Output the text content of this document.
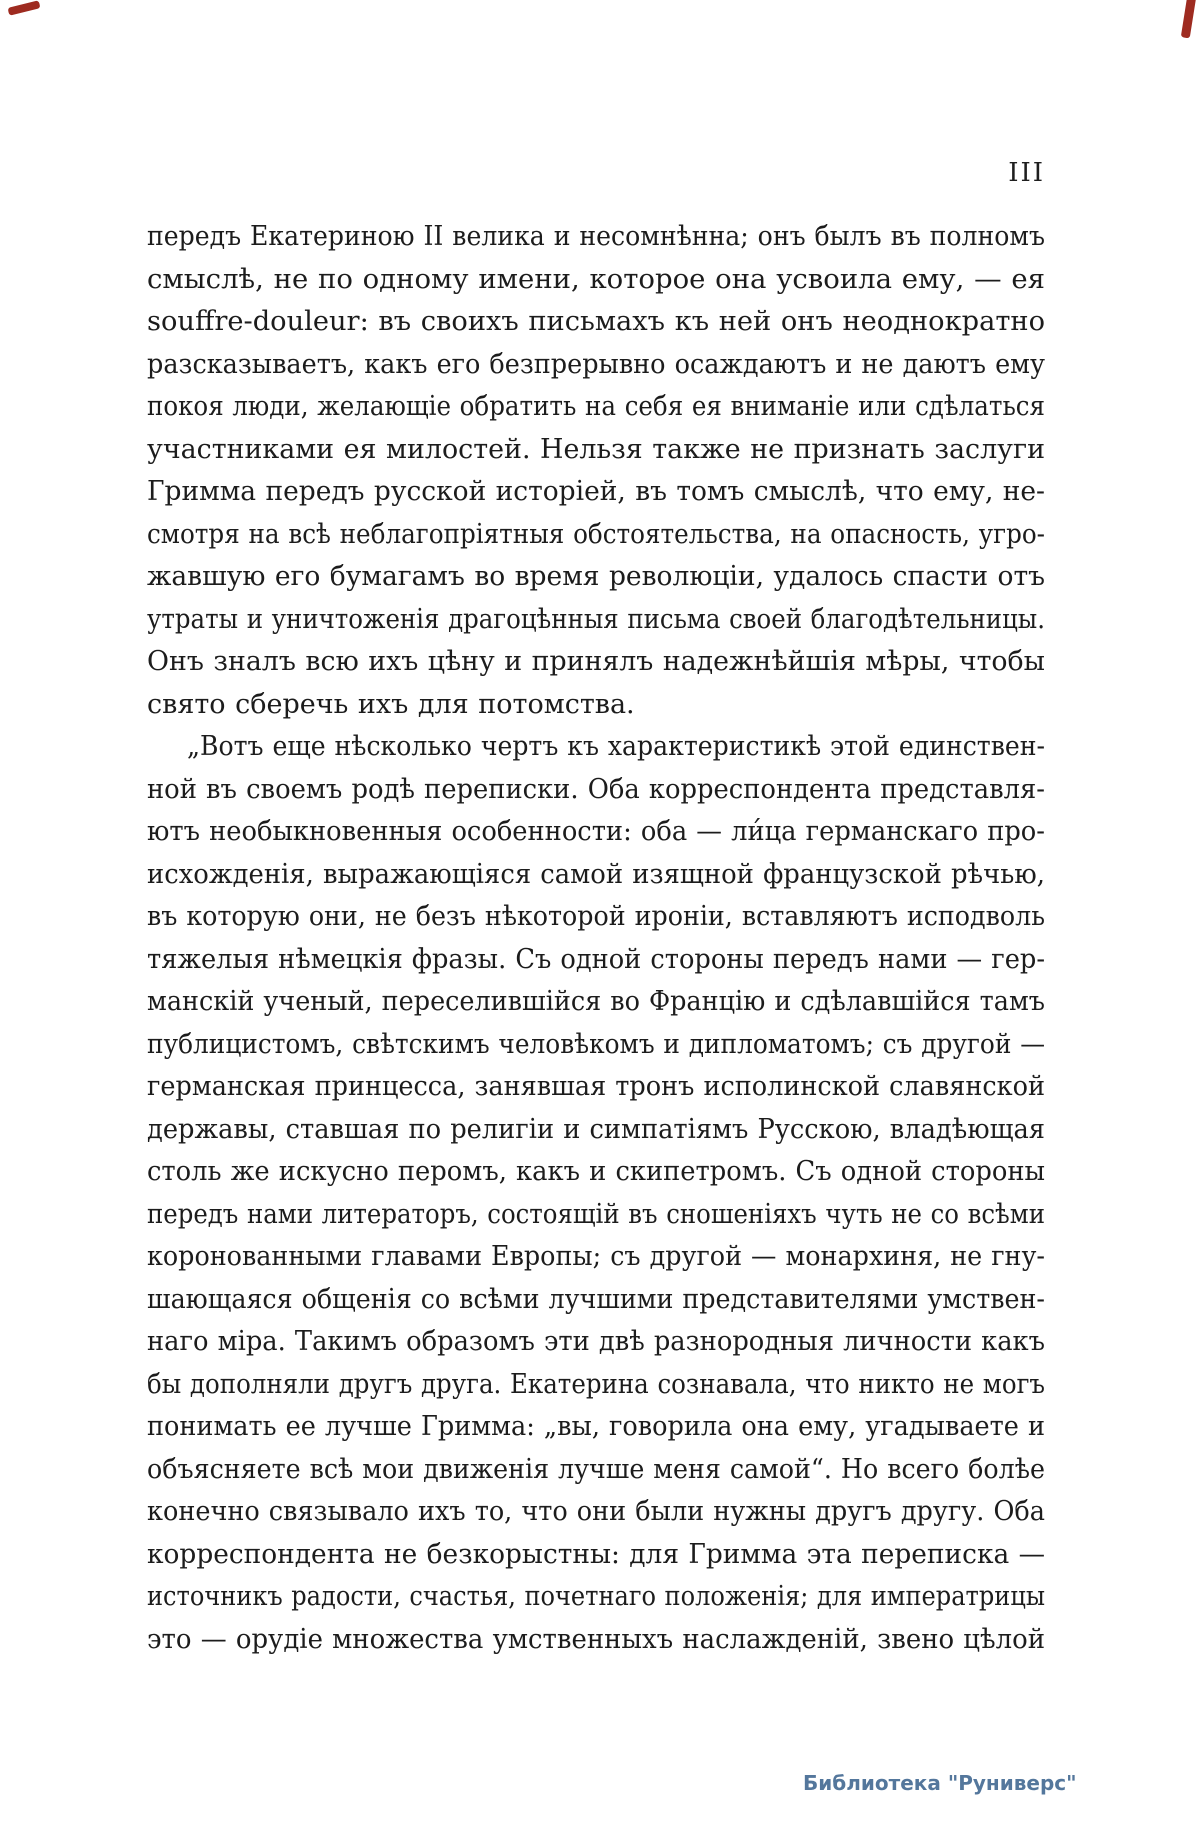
III
передъ Екатериною II велика и несомнѣнна; онъ былъ въ полномъ
смыслѣ, не по одному имени, которое она усвоила ему, — ея
souffre-douleur: въ своихъ письмахъ къ ней онъ неоднократно
разсказываетъ, какъ его безпрерывно осаждаютъ и не даютъ ему
покоя люди, желающіе обратить на себя ея вниманіе или сдѣлаться
участниками ея милостей. Нельзя также не признать заслуги
Гримма передъ русской исторіей, въ томъ смыслѣ, что ему, не-
смотря на всѣ неблагопріятныя обстоятельства, на опасность, угро-
жавшую его бумагамъ во время революціи, удалось спасти отъ
утраты и уничтоженія драгоцѣнныя письма своей благодѣтельницы.
Онъ зналъ всю ихъ цѣну и принялъ надежнѣйшія мѣры, чтобы
свято сберечь ихъ для потомства.
„Вотъ еще нѣсколько чертъ къ характеристикѣ этой единствен-
ной въ своемъ родѣ переписки. Оба корреспондента представля-
ютъ необыкновенныя особенности: оба — ли́ца германскаго про-
исхожденія, выражающіяся самой изящной французской рѣчью,
въ которую они, не безъ нѣкоторой ироніи, вставляютъ исподволь
тяжелыя нѣмецкія фразы. Съ одной стороны передъ нами — гер-
манскій ученый, переселившійся во Францію и сдѣлавшійся тамъ
публицистомъ, свѣтскимъ человѣкомъ и дипломатомъ; съ другой —
германская принцесса, занявшая тронъ исполинской славянской
державы, ставшая по религіи и симпатіямъ Русскою, владѣющая
столь же искусно перомъ, какъ и скипетромъ. Съ одной стороны
передъ нами литераторъ, состоящій въ сношеніяхъ чуть не со всѣми
коронованными главами Европы; съ другой — монархиня, не гну-
шающаяся общенія со всѣми лучшими представителями умствен-
наго міра. Такимъ образомъ эти двѣ разнородныя личности какъ
бы дополняли другъ друга. Екатерина сознавала, что никто не могъ
понимать ее лучше Гримма: „вы, говорила она ему, угадываете и
объясняете всѣ мои движенія лучше меня самой“. Но всего болѣе
конечно связывало ихъ то, что они были нужны другъ другу. Оба
корреспондента не безкорыстны: для Гримма эта переписка —
источникъ радости, счастья, почетнаго положенія; для императрицы
это — орудіе множества умственныхъ наслажденій, звено цѣлой
Библиотека "Руниверс"
